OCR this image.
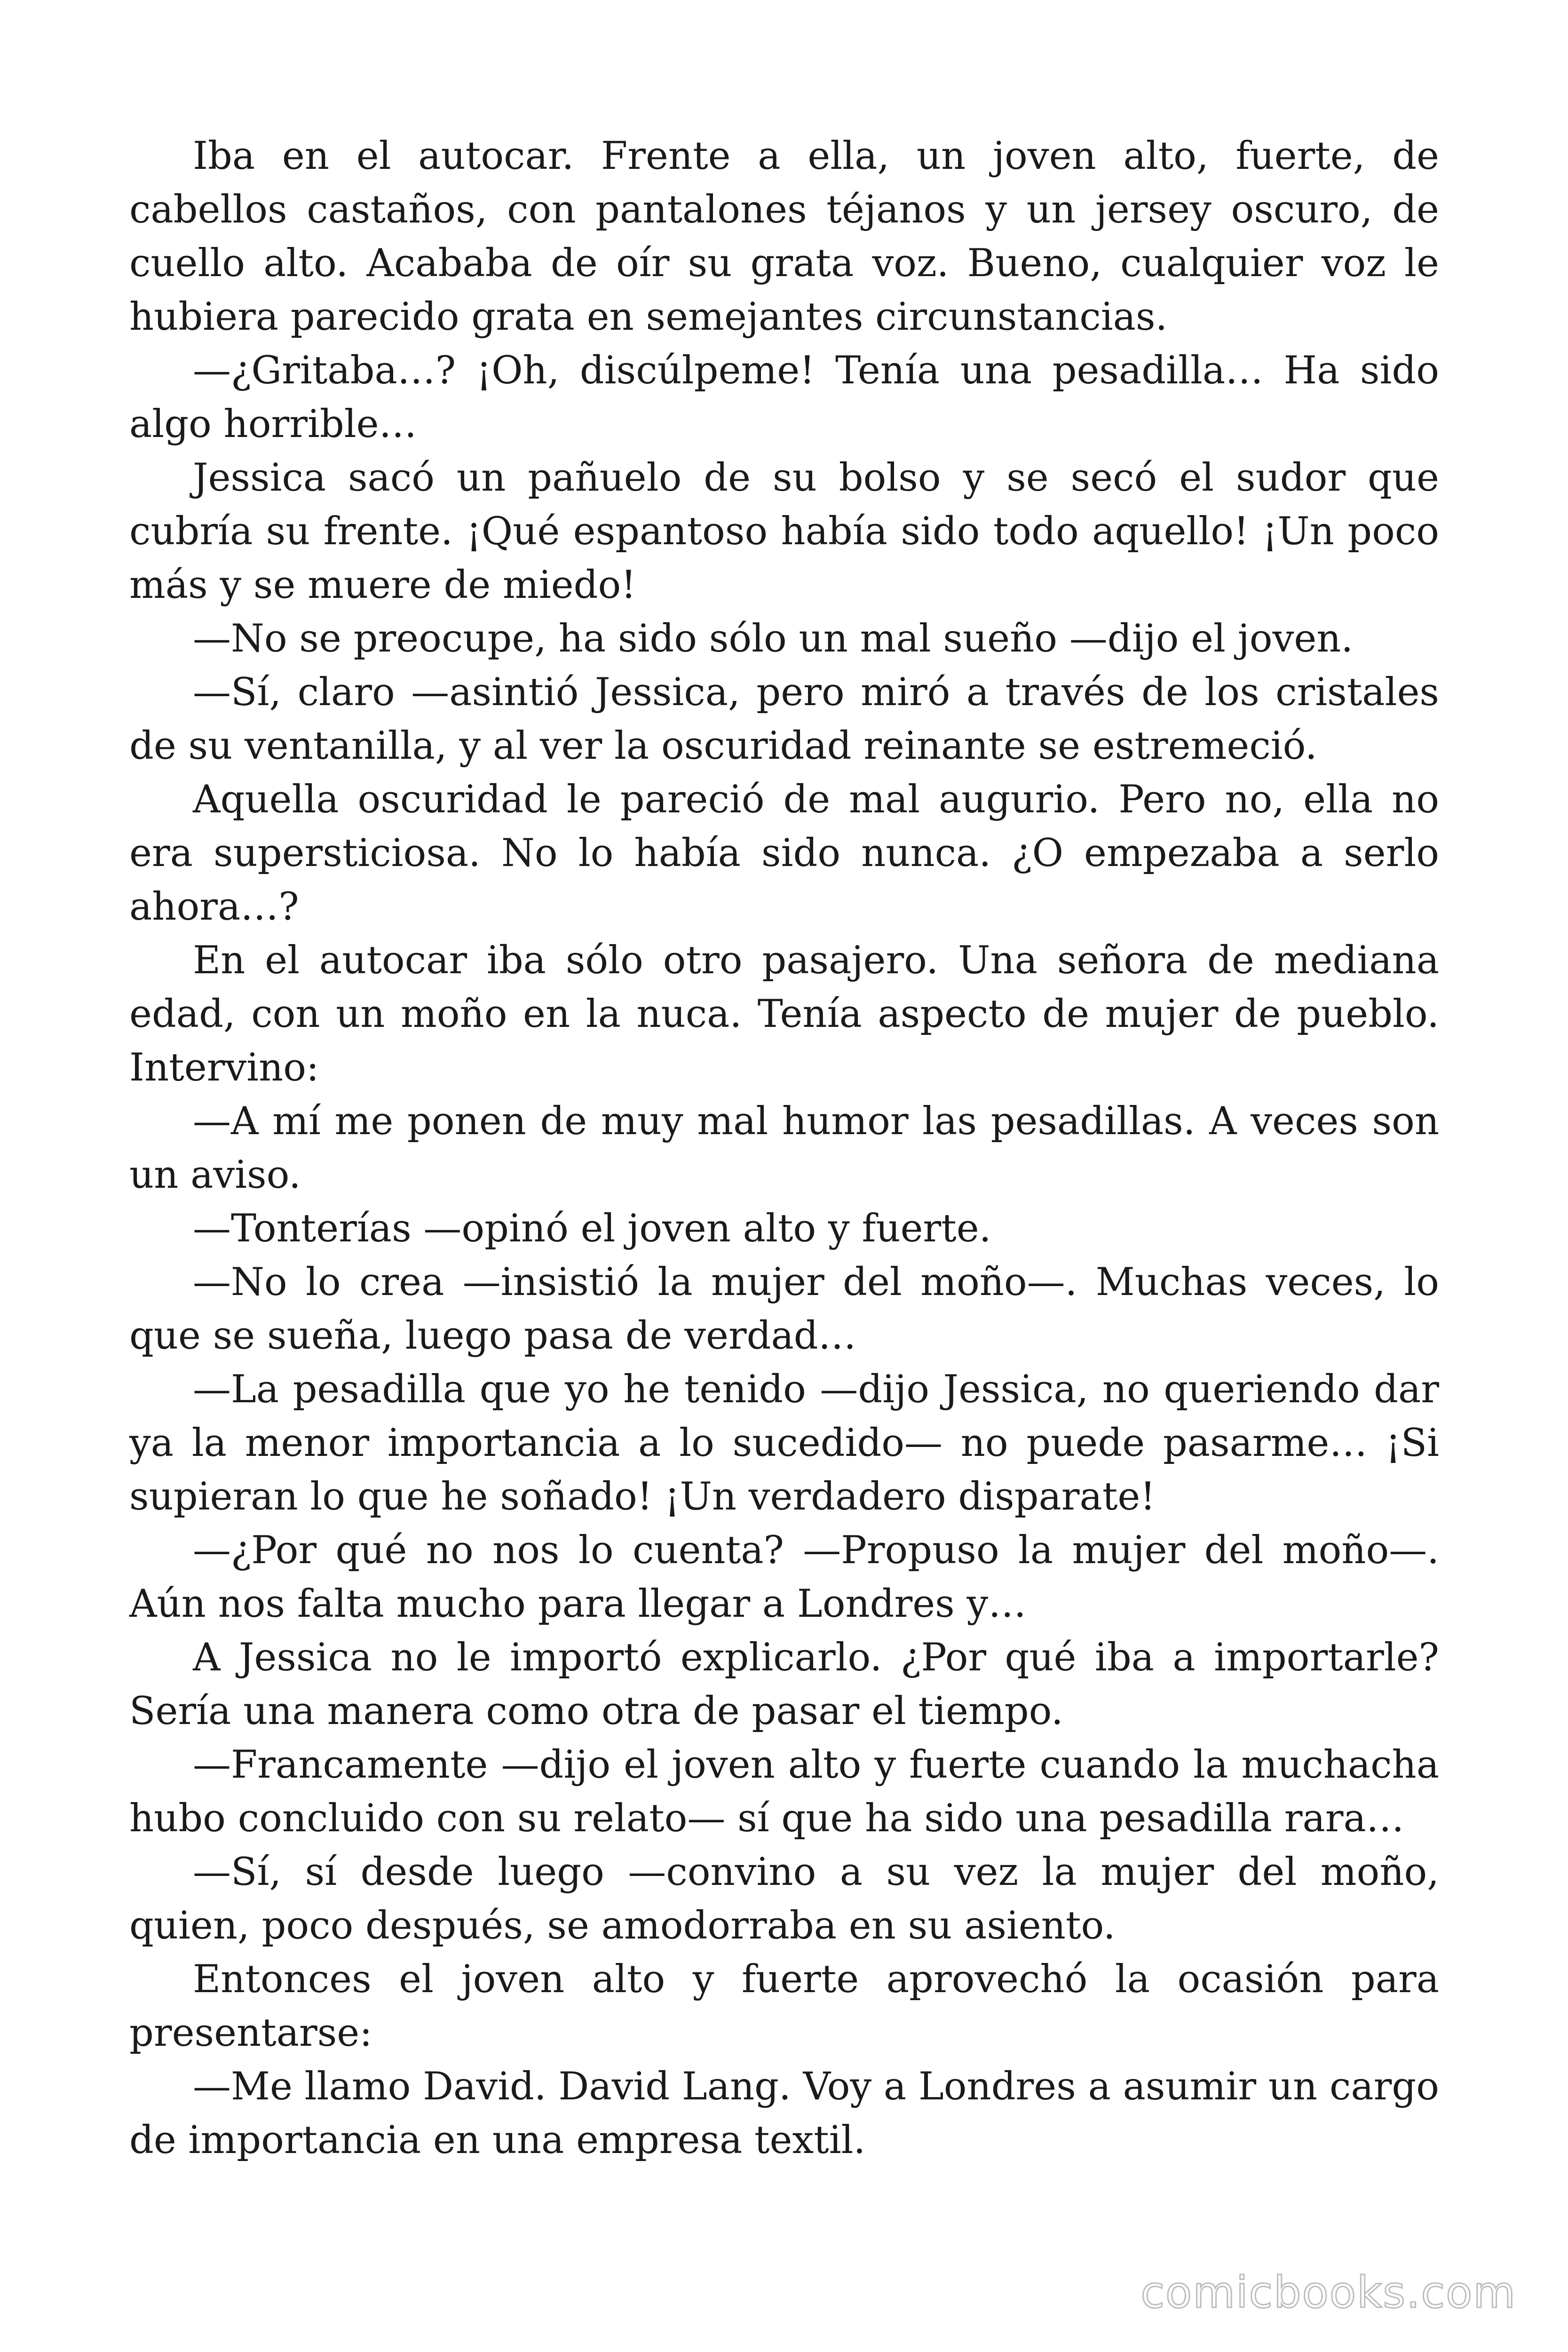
Iba en el autocar. Frente a ella, un joven alto, fuerte, de cabellos castaños, con pantalones téjanos y un jersey oscuro, de cuello alto. Acababa de oír su grata voz. Bueno, cualquier voz le hubiera parecido grata en semejantes circunstancias.

—¿Gritaba…? ¡Oh, discúlpeme! Tenía una pesadilla… Ha sido algo horrible…

Jessica sacó un pañuelo de su bolso y se secó el sudor que cubría su frente. ¡Qué espantoso había sido todo aquello! ¡Un poco más y se muere de miedo!

—No se preocupe, ha sido sólo un mal sueño —dijo el joven.

—Sí, claro —asintió Jessica, pero miró a través de los cristales de su ventanilla, y al ver la oscuridad reinante se estremeció.

Aquella oscuridad le pareció de mal augurio. Pero no, ella no era supersticiosa. No lo había sido nunca. ¿O empezaba a serlo ahora…?

En el autocar iba sólo otro pasajero. Una señora de mediana edad, con un moño en la nuca. Tenía aspecto de mujer de pueblo. Intervino:

—A mí me ponen de muy mal humor las pesadillas. A veces son un aviso.

—Tonterías —opinó el joven alto y fuerte.

—No lo crea —insistió la mujer del moño—. Muchas veces, lo que se sueña, luego pasa de verdad…

—La pesadilla que yo he tenido —dijo Jessica, no queriendo dar ya la menor importancia a lo sucedido— no puede pasarme… ¡Si supieran lo que he soñado! ¡Un verdadero disparate!

—¿Por qué no nos lo cuenta? —Propuso la mujer del moño—. Aún nos falta mucho para llegar a Londres y…

A Jessica no le importó explicarlo. ¿Por qué iba a importarle? Sería una manera como otra de pasar el tiempo.

—Francamente —dijo el joven alto y fuerte cuando la muchacha hubo concluido con su relato— sí que ha sido una pesadilla rara…

—Sí, sí desde luego —convino a su vez la mujer del moño, quien, poco después, se amodorraba en su asiento.

Entonces el joven alto y fuerte aprovechó la ocasión para presentarse:

—Me llamo David. David Lang. Voy a Londres a asumir un cargo de importancia en una empresa textil.

comicbooks.com
